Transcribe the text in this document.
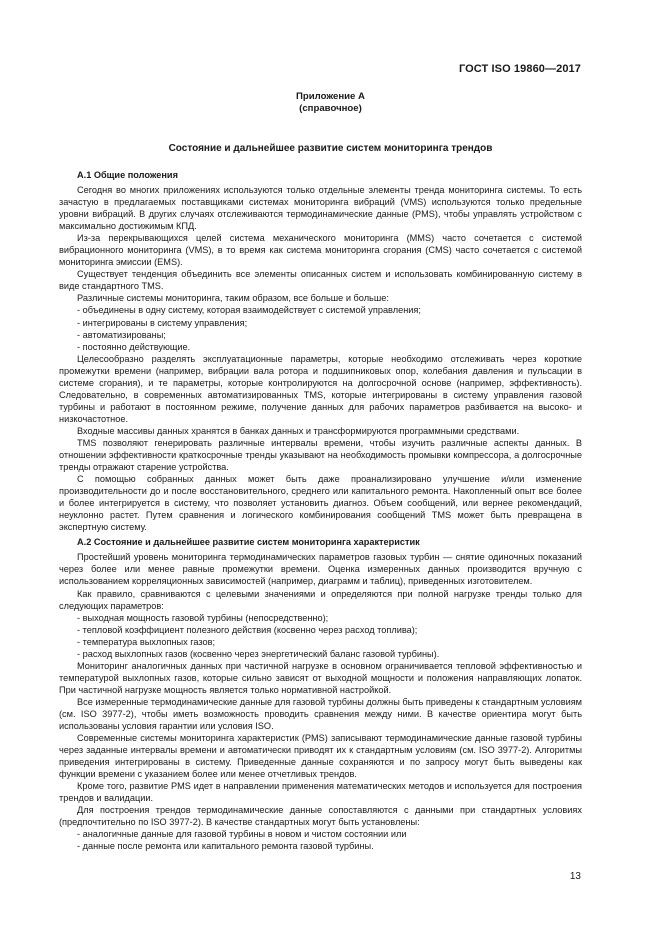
ГОСТ ISO 19860—2017
Приложение А
(справочное)
Состояние и дальнейшее развитие систем мониторинга трендов
А.1 Общие положения

Сегодня во многих приложениях используются только отдельные элементы тренда мониторинга системы. То есть зачастую в предлагаемых поставщиками системах мониторинга вибраций (VMS) используются только предельные уровни вибраций. В других случаях отслеживаются термодинамические данные (PMS), чтобы управлять устройством с максимально достижимым КПД.

Из-за перекрывающихся целей система механического мониторинга (MMS) часто сочетается с системой вибрационного мониторинга (VMS), в то время как система мониторинга сгорания (CMS) часто сочетается с системой мониторинга эмиссии (EMS).

Существует тенденция объединить все элементы описанных систем и использовать комбинированную систему в виде стандартного TMS.

Различные системы мониторинга, таким образом, все больше и больше:

- объединены в одну систему, которая взаимодействует с системой управления;

- интегрированы в систему управления;

- автоматизированы;

- постоянно действующие.

Целесообразно разделять эксплуатационные параметры, которые необходимо отслеживать через короткие промежутки времени (например, вибрации вала ротора и подшипниковых опор, колебания давления и пульсации в системе сгорания), и те параметры, которые контролируются на долгосрочной основе (например, эффективность). Следовательно, в современных автоматизированных TMS, которые интегрированы в систему управления газовой турбины и работают в постоянном режиме, получение данных для рабочих параметров разбивается на высоко- и низкочастотное.

Входные массивы данных хранятся в банках данных и трансформируются программными средствами.

TMS позволяют генерировать различные интервалы времени, чтобы изучить различные аспекты данных. В отношении эффективности краткосрочные тренды указывают на необходимость промывки компрессора, а долгосрочные тренды отражают старение устройства.

С помощью собранных данных может быть даже проанализировано улучшение и/или изменение производительности до и после восстановительного, среднего или капитального ремонта. Накопленный опыт все более и более интегрируется в систему, что позволяет установить диагноз. Объем сообщений, или вернее рекомендаций, неуклонно растет. Путем сравнения и логического комбинирования сообщений TMS может быть превращена в экспертную систему.

А.2 Состояние и дальнейшее развитие систем мониторинга характеристик

Простейший уровень мониторинга термодинамических параметров газовых турбин — снятие одиночных показаний через более или менее равные промежутки времени. Оценка измеренных данных производится вручную с использованием корреляционных зависимостей (например, диаграмм и таблиц), приведенных изготовителем.

Как правило, сравниваются с целевыми значениями и определяются при полной нагрузке тренды только для следующих параметров:

- выходная мощность газовой турбины (непосредственно);

- тепловой коэффициент полезного действия (косвенно через расход топлива);

- температура выхлопных газов;

- расход выхлопных газов (косвенно через энергетический баланс газовой турбины).

Мониторинг аналогичных данных при частичной нагрузке в основном ограничивается тепловой эффективностью и температурой выхлопных газов, которые сильно зависят от выходной мощности и положения направляющих лопаток. При частичной нагрузке мощность является только нормативной настройкой.

Все измеренные термодинамические данные для газовой турбины должны быть приведены к стандартным условиям (см. ISO 3977-2), чтобы иметь возможность проводить сравнения между ними. В качестве ориентира могут быть использованы условия гарантии или условия ISO.

Современные системы мониторинга характеристик (PMS) записывают термодинамические данные газовой турбины через заданные интервалы времени и автоматически приводят их к стандартным условиям (см. ISO 3977-2). Алгоритмы приведения интегрированы в систему. Приведенные данные сохраняются и по запросу могут быть выведены как функции времени с указанием более или менее отчетливых трендов.

Кроме того, развитие PMS идет в направлении применения математических методов и используется для построения трендов и валидации.

Для построения трендов термодинамические данные сопоставляются с данными при стандартных условиях (предпочтительно по ISO 3977-2). В качестве стандартных могут быть установлены:

- аналогичные данные для газовой турбины в новом и чистом состоянии или

- данные после ремонта или капитального ремонта газовой турбины.

13
